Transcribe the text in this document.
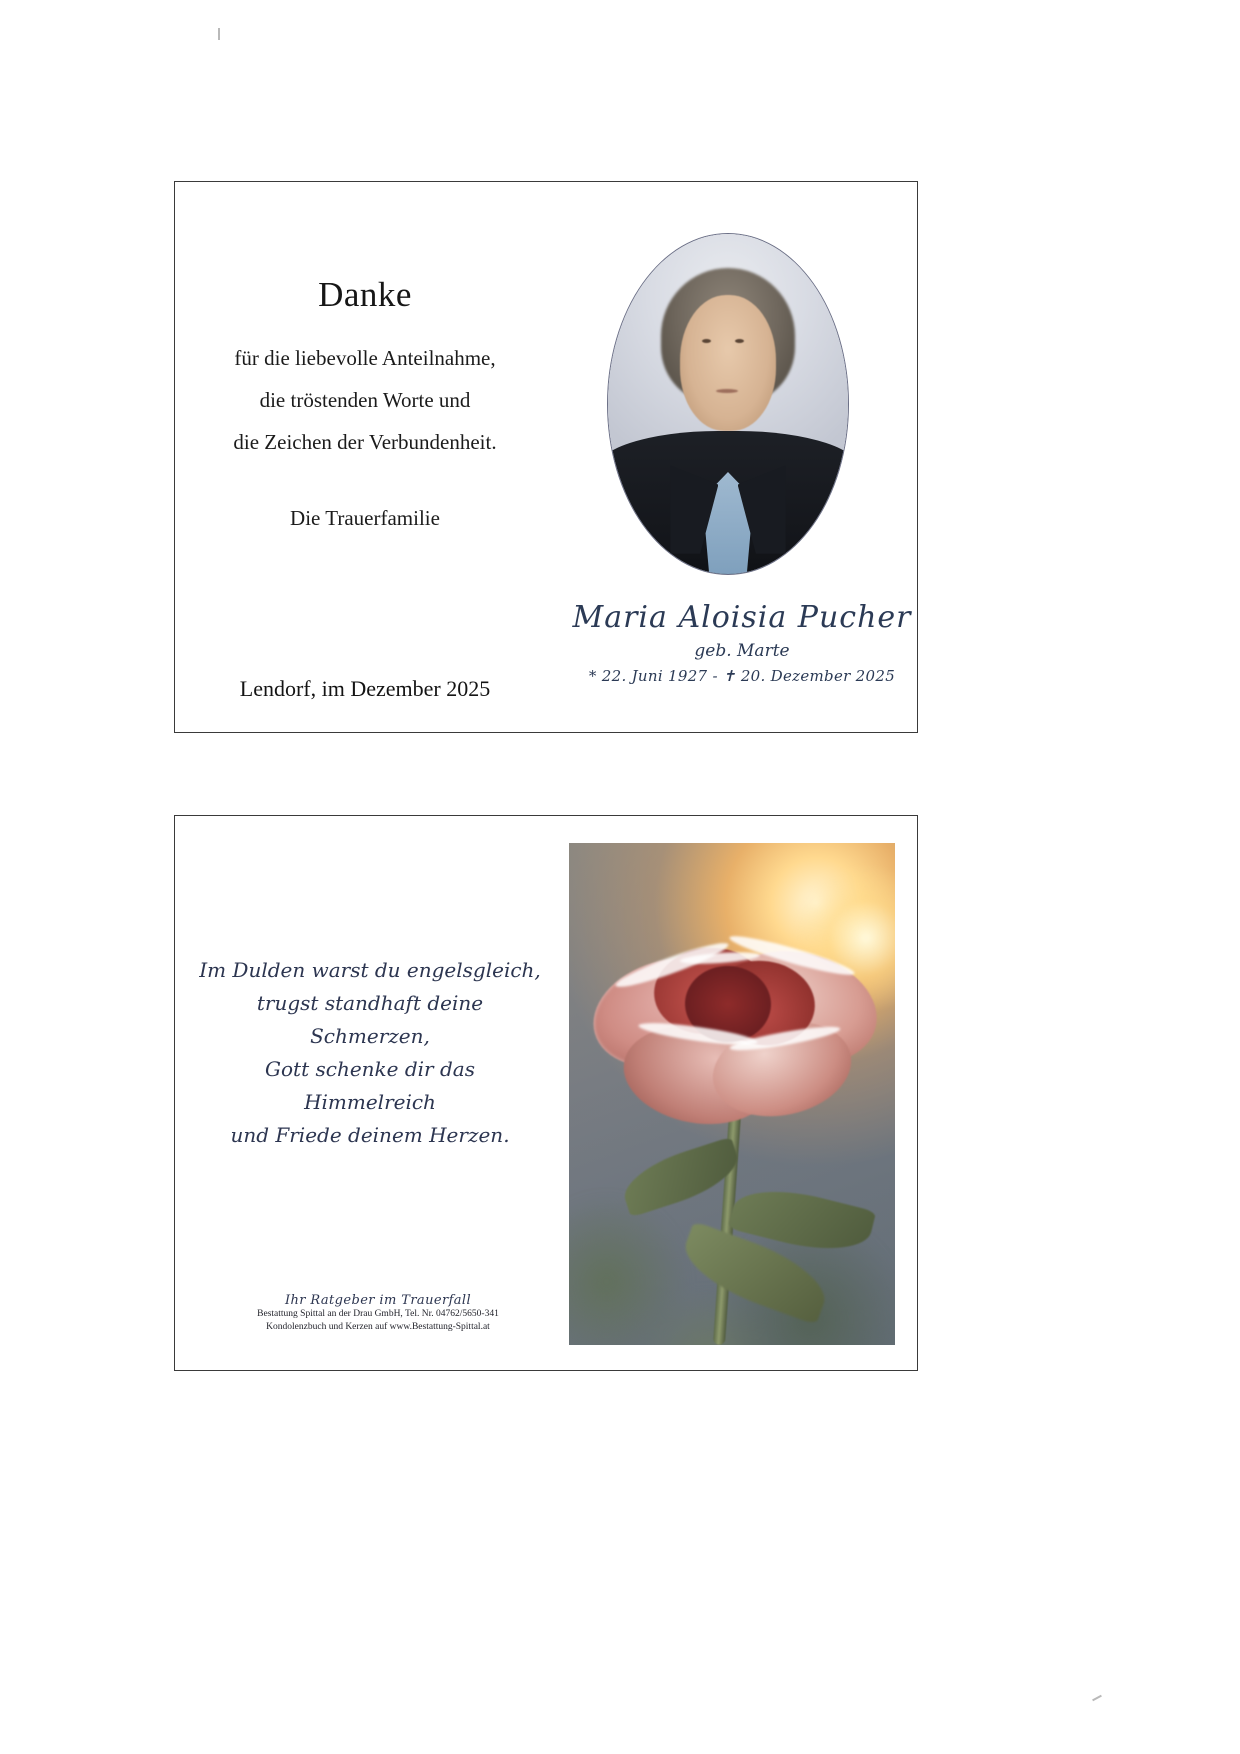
Danke
für die liebevolle Anteilnahme,
die tröstenden Worte und
die Zeichen der Verbundenheit.
Die Trauerfamilie
Lendorf, im Dezember 2025
Maria Aloisia Pucher
geb. Marte
* 22. Juni 1927 - ✝ 20. Dezember 2025
Im Dulden warst du engelsgleich,
trugst standhaft deine Schmerzen,
Gott schenke dir das Himmelreich
und Friede deinem Herzen.
Ihr Ratgeber im Trauerfall
Bestattung Spittal an der Drau GmbH, Tel. Nr. 04762/5650-341
Kondolenzbuch und Kerzen auf www.Bestattung-Spittal.at
